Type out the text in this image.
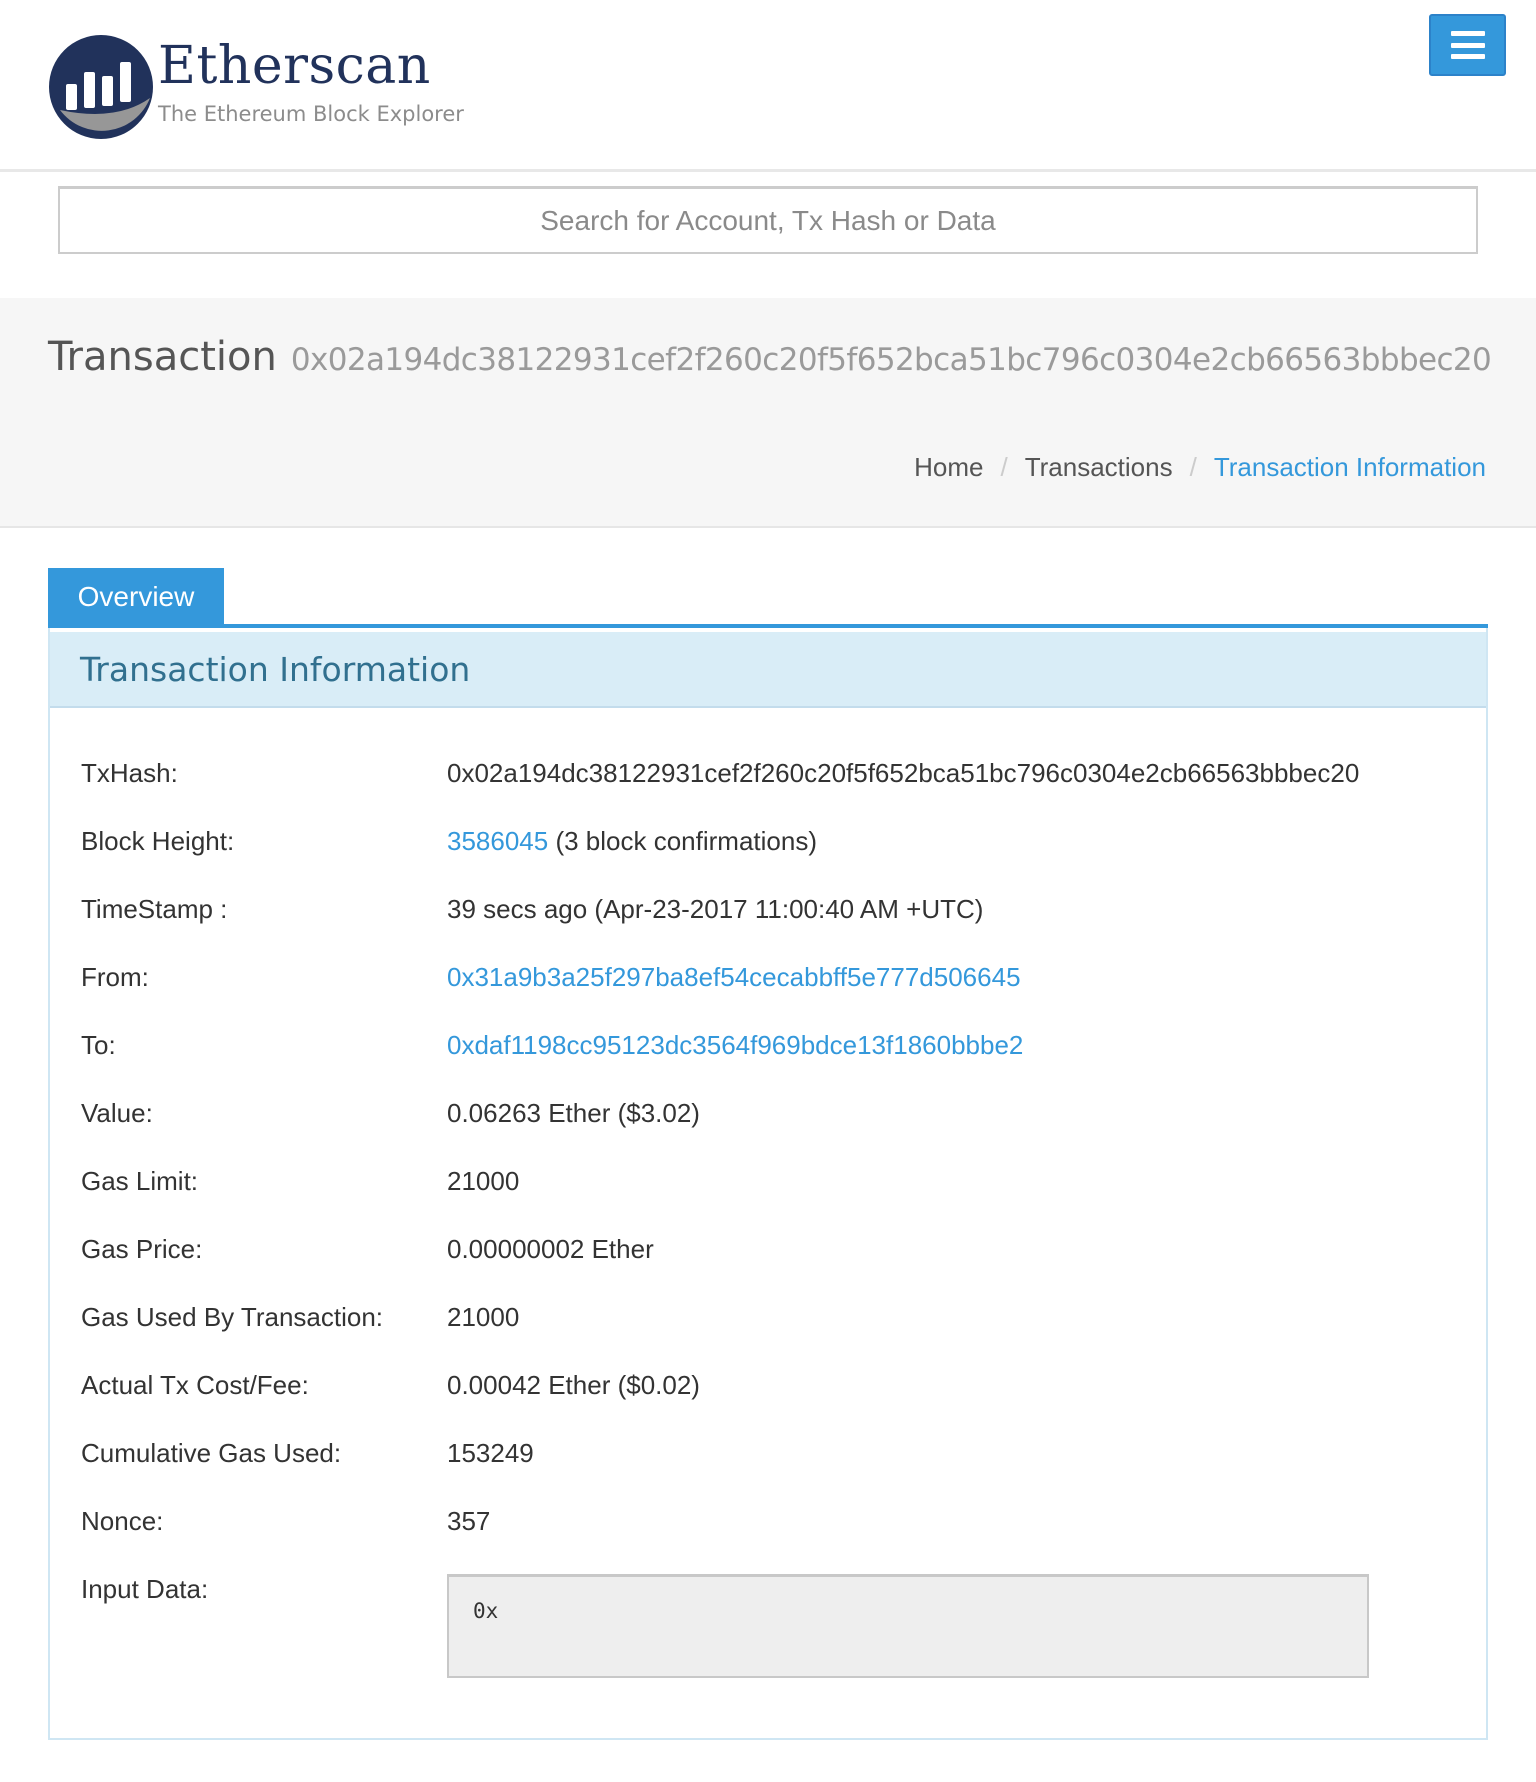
Etherscan
The Ethereum Block Explorer
Search for Account, Tx Hash or Data
Transaction 0x02a194dc38122931cef2f260c20f5f652bca51bc796c0304e2cb66563bbbec20
Home / Transactions / Transaction Information
Overview
Transaction Information
TxHash:	0x02a194dc38122931cef2f260c20f5f652bca51bc796c0304e2cb66563bbbec20
Block Height:	3586045 (3 block confirmations)
TimeStamp :	39 secs ago (Apr-23-2017 11:00:40 AM +UTC)
From:	0x31a9b3a25f297ba8ef54cecabbff5e777d506645
To:	0xdaf1198cc95123dc3564f969bdce13f1860bbbe2
Value:	0.06263 Ether ($3.02)
Gas Limit:	21000
Gas Price:	0.00000002 Ether
Gas Used By Transaction: 21000
Actual Tx Cost/Fee:	0.00042 Ether ($0.02)
Cumulative Gas Used:	153249
Nonce:	357
Input Data:
0x
